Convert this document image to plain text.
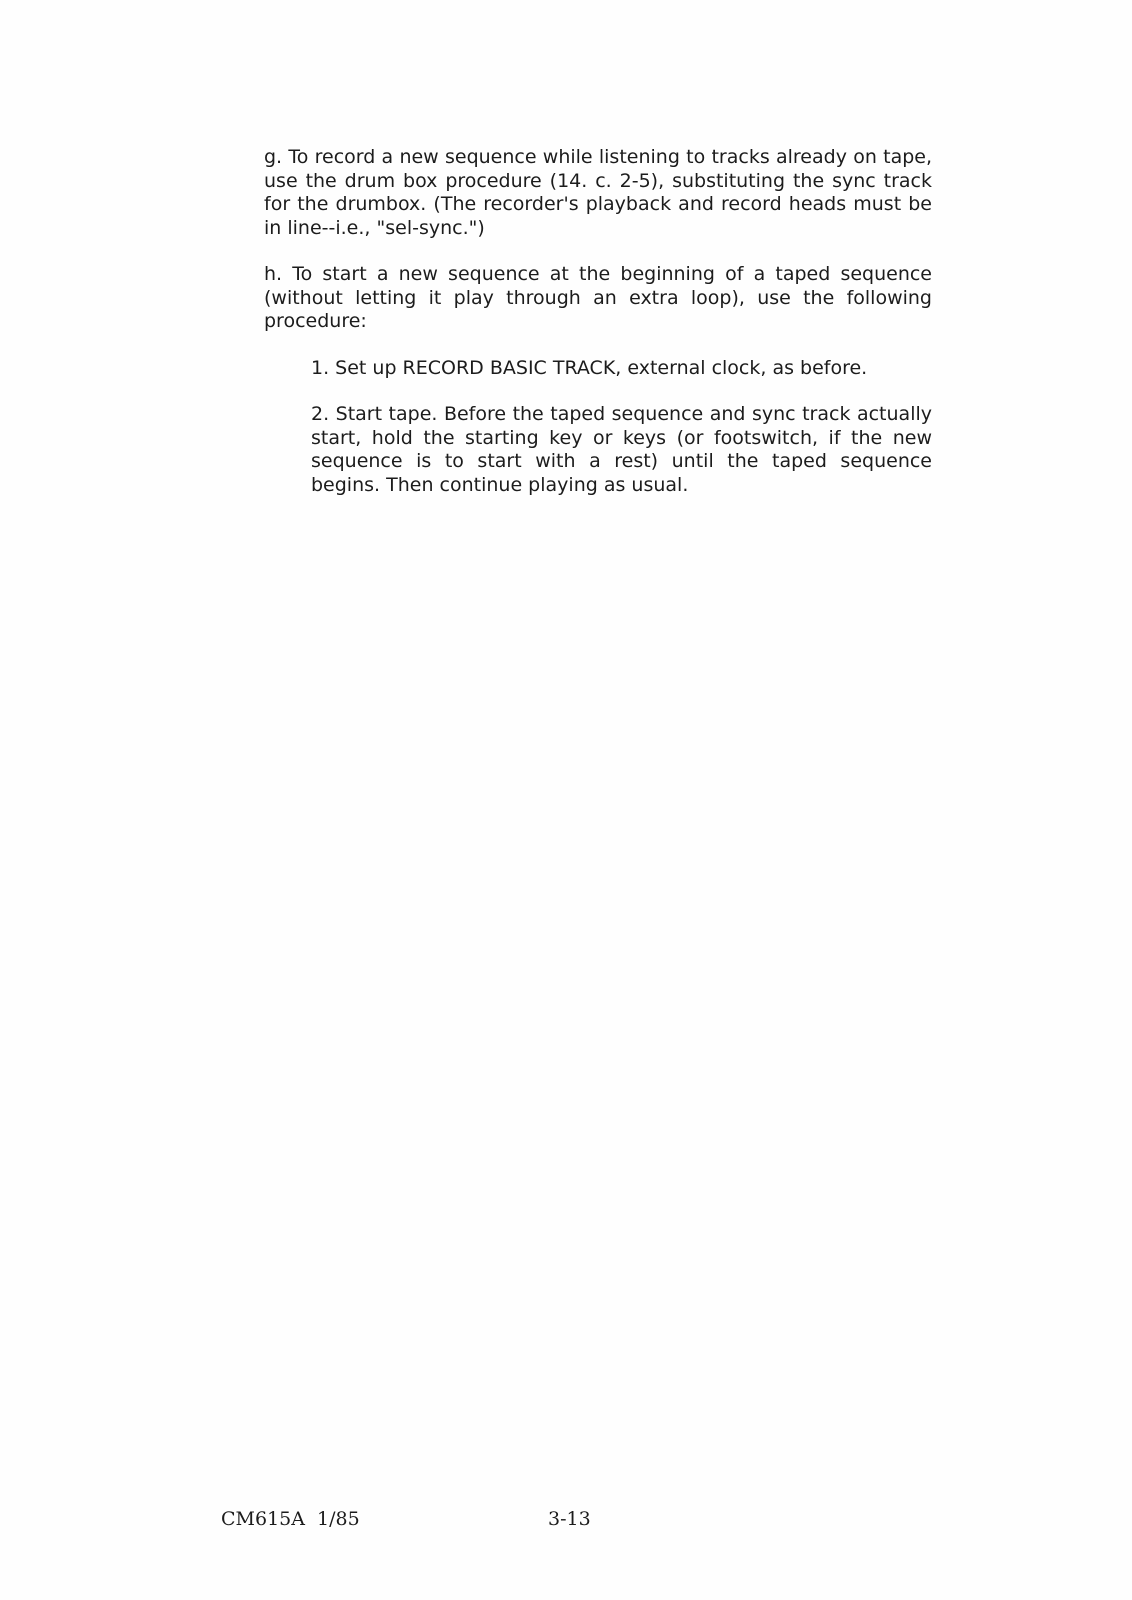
g. To record a new sequence while listening to tracks already on tape, use the drum box procedure (14. c. 2-5), substituting the sync track for the drumbox. (The recorder's playback and record heads must be in line--i.e., "sel-sync.")

h. To start a new sequence at the beginning of a taped sequence (without letting it play through an extra loop), use the following procedure:

1. Set up RECORD BASIC TRACK, external clock, as before.

2. Start tape. Before the taped sequence and sync track actually start, hold the starting key or keys (or footswitch, if the new sequence is to start with a rest) until the taped sequence begins. Then continue playing as usual.

CM615A  1/85	3-13
